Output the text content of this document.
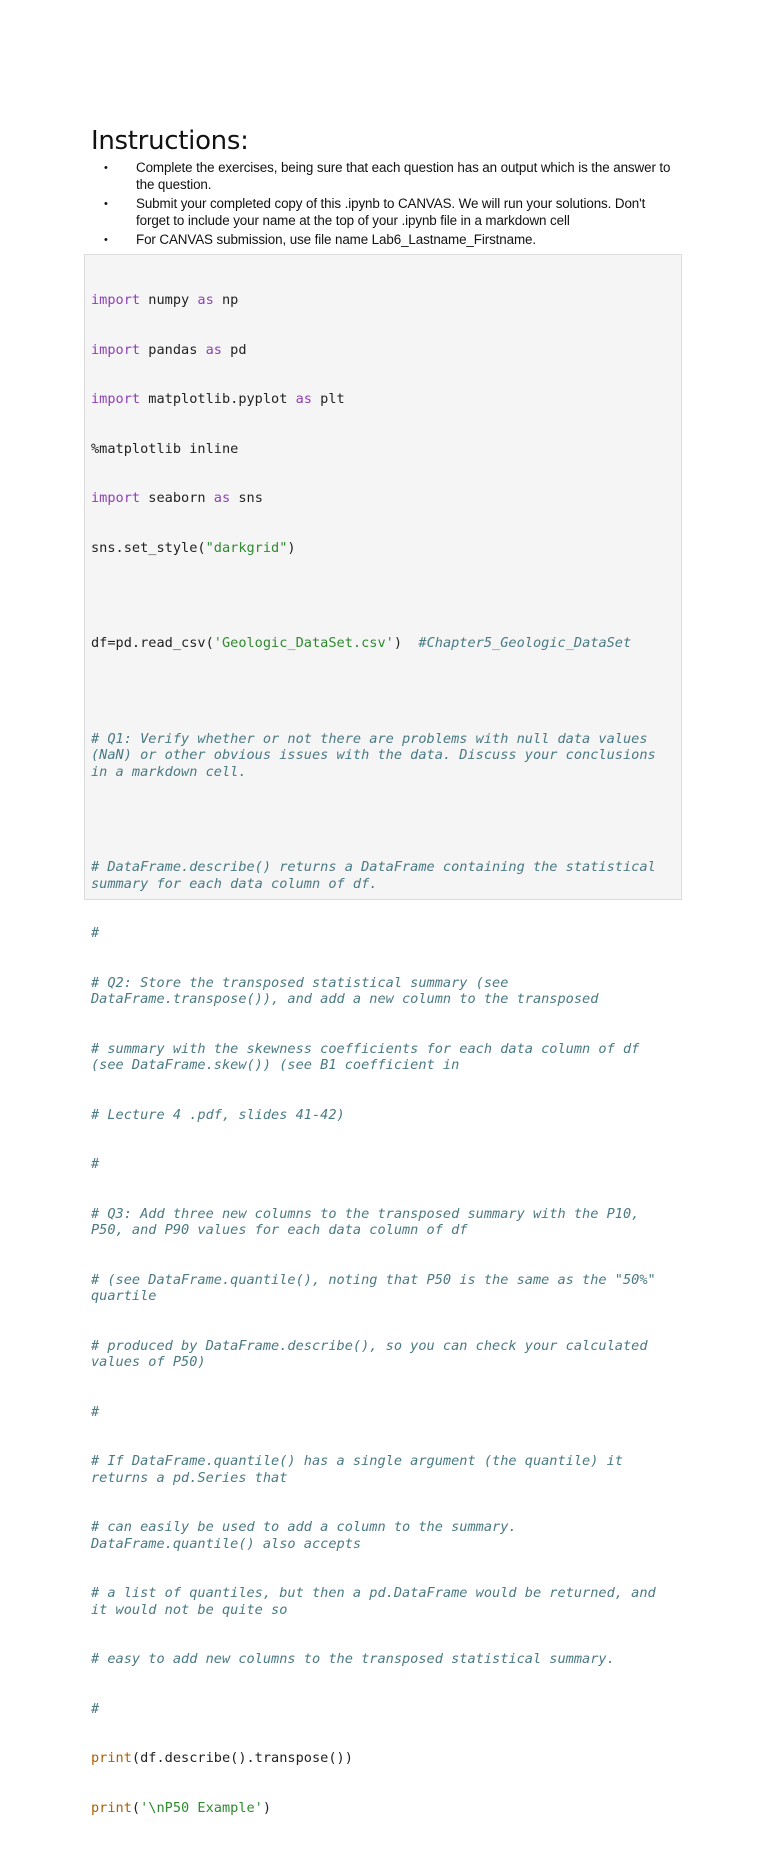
Instructions:
• Complete the exercises, being sure that each question has an output which is the answer to the question.
• Submit your completed copy of this .ipynb to CANVAS. We will run your solutions. Don't forget to include your name at the top of your .ipynb file in a markdown cell
• For CANVAS submission, use file name Lab6_Lastname_Firstname.

import numpy as np

import pandas as pd

import matplotlib.pyplot as plt

%matplotlib inline

import seaborn as sns

sns.set_style("darkgrid")

df=pd.read_csv('Geologic_DataSet.csv')  #Chapter5_Geologic_DataSet

# Q1: Verify whether or not there are problems with null data values (NaN) or other obvious issues with the data. Discuss your conclusions in a markdown cell.

# DataFrame.describe() returns a DataFrame containing the statistical summary for each data column of df.

#

# Q2: Store the transposed statistical summary (see DataFrame.transpose()), and add a new column to the transposed

# summary with the skewness coefficients for each data column of df (see DataFrame.skew()) (see B1 coefficient in

# Lecture 4 .pdf, slides 41-42)

#

# Q3: Add three new columns to the transposed summary with the P10, P50, and P90 values for each data column of df

# (see DataFrame.quantile(), noting that P50 is the same as the "50%" quartile

# produced by DataFrame.describe(), so you can check your calculated values of P50)

#

# If DataFrame.quantile() has a single argument (the quantile) it returns a pd.Series that

# can easily be used to add a column to the summary. DataFrame.quantile() also accepts

# a list of quantiles, but then a pd.DataFrame would be returned, and it would not be quite so

# easy to add new columns to the transposed statistical summary.

#

print(df.describe().transpose())

print('\nP50 Example')
